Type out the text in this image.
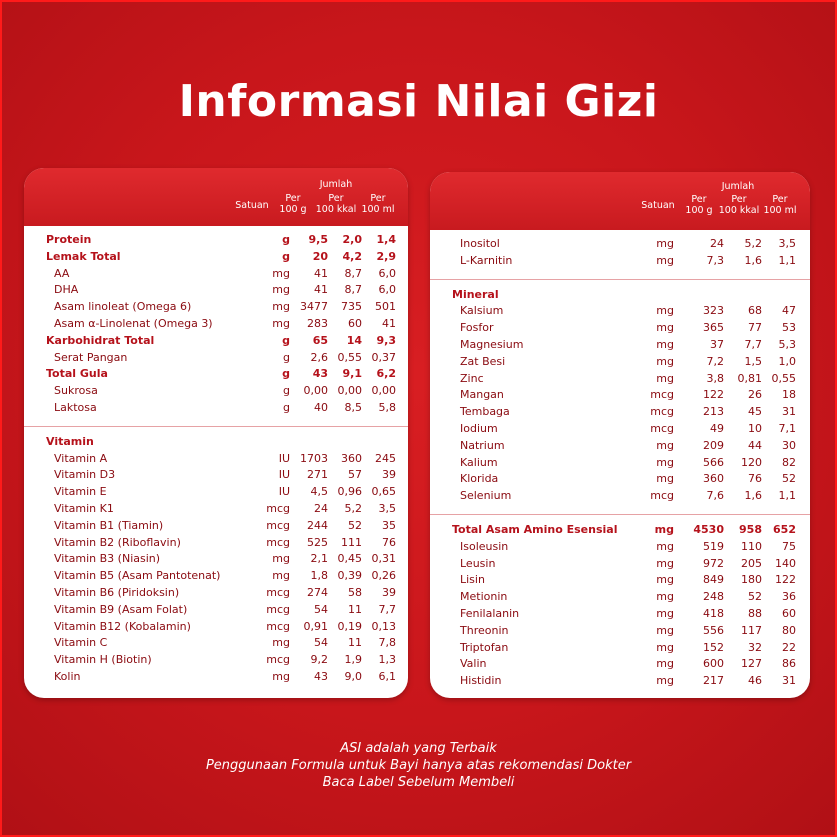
Informasi Nilai Gizi
Satuan
Jumlah
Per
100 g
Per
100 kkal
Per
100 ml
Protein	g 9,5 2,0 1,4
Lemak Total	g 20 4,2 2,9
AA	mg 41 8,7 6,0
DHA	mg 41 8,7 6,0
Asam linoleat (Omega 6)	mg 3477 735 501
Asam α-Linolenat (Omega 3)	mg 283 60 41
Karbohidrat Total	g 65 14 9,3
Serat Pangan	g 2,6 0,55 0,37
Total Gula	g 43 9,1 6,2
Sukrosa	g 0,00 0,00 0,00
Laktosa	g 40 8,5 5,8
Vitamin
Vitamin A	IU 1703 360 245
Vitamin D3	IU 271 57 39
Vitamin E	IU 4,5 0,96 0,65
Vitamin K1	mcg 24 5,2 3,5
Vitamin B1 (Tiamin)	mcg 244 52 35
Vitamin B2 (Riboflavin)	mcg 525 111 76
Vitamin B3 (Niasin)	mg 2,1 0,45 0,31
Vitamin B5 (Asam Pantotenat)	mg 1,8 0,39 0,26
Vitamin B6 (Piridoksin)	mcg 274 58 39
Vitamin B9 (Asam Folat)	mcg 54 11 7,7
Vitamin B12 (Kobalamin)	mcg 0,91 0,19 0,13
Vitamin C	mg 54 11 7,8
Vitamin H (Biotin)	mcg 9,2 1,9 1,3
Kolin	mg 43 9,0 6,1
Satuan
Jumlah
Per
100 g
Per
100 kkal
Per
100 ml
Inositol	mg	24 5,2 3,5
L-Karnitin	mg	7,3 1,6 1,1
Mineral
Kalsium	mg	323 68 47
Fosfor	mg	365 77 53
Magnesium	mg	37 7,7 5,3
Zat Besi	mg	7,2 1,5 1,0
Zinc	mg	3,8 0,81 0,55
Mangan	mcg	122 26 18
Tembaga	mcg	213 45 31
Iodium	mcg	49 10 7,1
Natrium	mg	209 44 30
Kalium	mg	566 120 82
Klorida	mg	360 76 52
Selenium	mcg	7,6 1,6 1,1
Total Asam Amino Esensial	mg 4530 958 652
Isoleusin	mg	519 110 75
Leusin	mg	972 205 140
Lisin	mg	849 180 122
Metionin	mg	248 52 36
Fenilalanin	mg	418 88 60
Threonin	mg	556 117 80
Triptofan	mg	152 32 22
Valin	mg	600 127 86
Histidin	mg	217 46 31
ASI adalah yang Terbaik
Penggunaan Formula untuk Bayi hanya atas rekomendasi Dokter
Baca Label Sebelum Membeli
